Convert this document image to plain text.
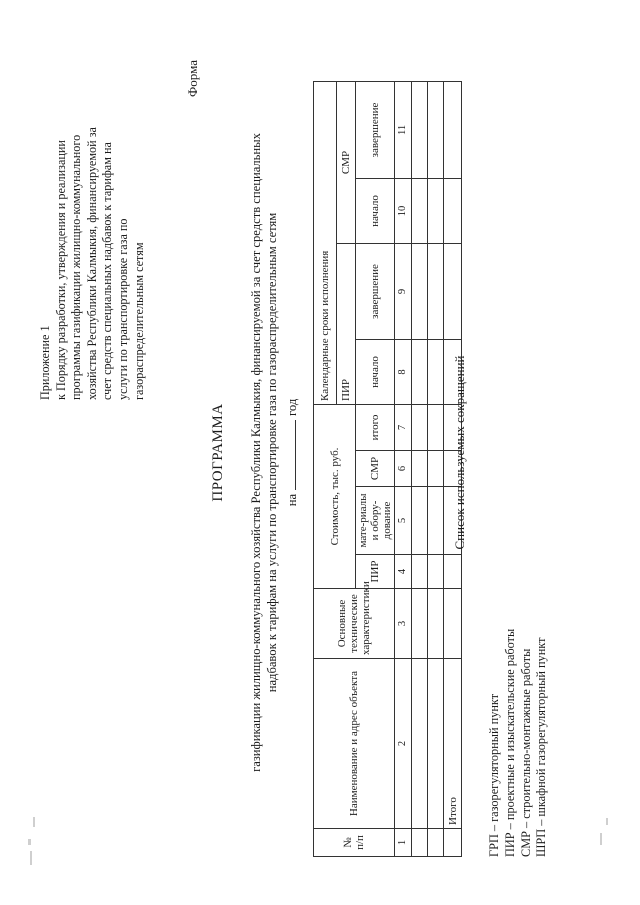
Приложение 1 к Порядку разработки, утверждения и реализации программы газификации жилищно-коммунального хозяйства Республики Калмыкия, финансируемой за счет средств специальных надбавок к тарифам на услуги по транспортировке газа по газораспределительным сетям
Форма
ПРОГРАММА газификации жилищно-коммунального хозяйства Республики Калмыкия, финансируемой за счет средств специальных надбавок к тарифам на услуги по транспортировке газа по газораспределительным сетям нагод
№ п/п	Наименование и адрес объекта	Основные технические характеристики	Стоимость, тыс. руб.				Календарные сроки исполнения			
							ПИР		СМР	
			ПИР	мате-риалы и обору-дование	СМР	итого	начало	завершение	начало	завершение
1	2	3	4	5	6	7	8	9	10	11

	Итого									
Список используемых сокращений
ГРП – газорегуляторный пункт ПИР – проектные и изыскательские работы СМР – строительно-монтажные работы ШРП – шкафной газорегуляторный пункт
